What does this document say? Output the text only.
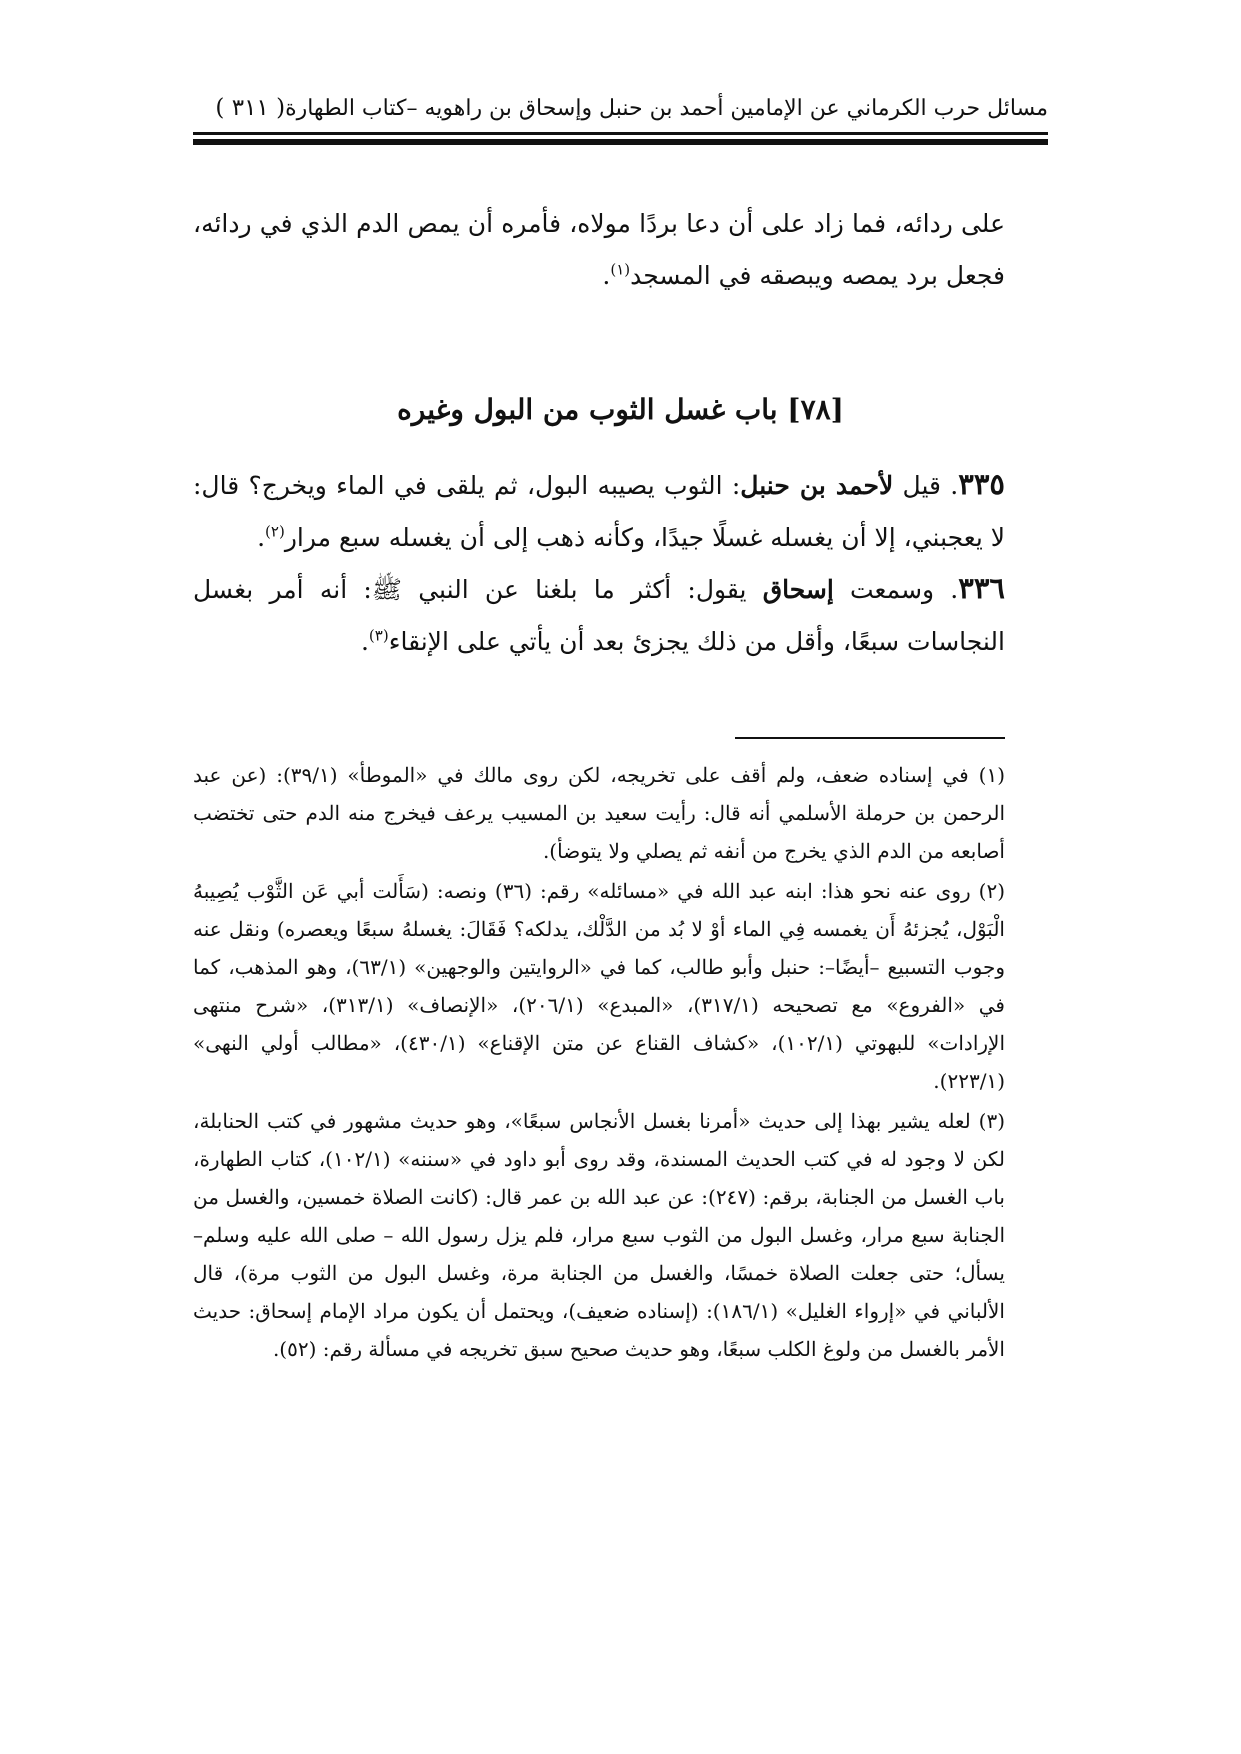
مسائل حرب الكرماني عن الإمامين أحمد بن حنبل وإسحاق بن راهويه –كتاب الطهارة
( ٣١١ )

على ردائه، فما زاد على أن دعا بردًا مولاه، فأمره أن يمص الدم الذي في ردائه، فجعل برد يمصه ويبصقه في المسجد$^{(١)}$.

[٧٨] باب غسل الثوب من البول وغيره

٣٣٥. قيل لأحمد بن حنبل: الثوب يصيبه البول، ثم يلقى في الماء ويخرج؟ قال: لا يعجبني، إلا أن يغسله غسلًا جيدًا، وكأنه ذهب إلى أن يغسله سبع مرار$^{(٢)}$.

٣٣٦. وسمعت إسحاق يقول: أكثر ما بلغنا عن النبي ﷺ: أنه أمر بغسل النجاسات سبعًا، وأقل من ذلك يجزئ بعد أن يأتي على الإنقاء$^{(٣)}$.

(١) في إسناده ضعف، ولم أقف على تخريجه، لكن روى مالك في «الموطأ» (٣٩/١): (عن عبد الرحمن بن حرملة الأسلمي أنه قال: رأيت سعيد بن المسيب يرعف فيخرج منه الدم حتى تختضب أصابعه من الدم الذي يخرج من أنفه ثم يصلي ولا يتوضأ).

(٢) روى عنه نحو هذا: ابنه عبد الله في «مسائله» رقم: (٣٦) ونصه: (سَأَلت أبي عَن الثَّوْب يُصِيبهُ الْبَوْل، يُجزئهُ أَن يغمسه فِي الماء أوْ لا بُد من الدَّلْك، يدلكه؟ فَقَالَ: يغسلهُ سبعًا ويعصره) ونقل عنه وجوب التسبيع –أيضًا–: حنبل وأبو طالب، كما في «الروايتين والوجهين» (٦٣/١)، وهو المذهب، كما في «الفروع» مع تصحيحه (٣١٧/١)، «المبدع» (٢٠٦/١)، «الإنصاف» (٣١٣/١)، «شرح منتهى الإرادات» للبهوتي (١٠٢/١)، «كشاف القناع عن متن الإقناع» (٤٣٠/١)، «مطالب أولي النهى» (٢٢٣/١).

(٣) لعله يشير بهذا إلى حديث «أمرنا بغسل الأنجاس سبعًا»، وهو حديث مشهور في كتب الحنابلة، لكن لا وجود له في كتب الحديث المسندة، وقد روى أبو داود في «سننه» (١٠٢/١)، كتاب الطهارة، باب الغسل من الجنابة، برقم: (٢٤٧): عن عبد الله بن عمر قال: (كانت الصلاة خمسين، والغسل من الجنابة سبع مرار، وغسل البول من الثوب سبع مرار، فلم يزل رسول الله – صلى الله عليه وسلم– يسأل؛ حتى جعلت الصلاة خمسًا، والغسل من الجنابة مرة، وغسل البول من الثوب مرة)، قال الألباني في «إرواء الغليل» (١٨٦/١): (إسناده ضعيف)، ويحتمل أن يكون مراد الإمام إسحاق: حديث الأمر بالغسل من ولوغ الكلب سبعًا، وهو حديث صحيح سبق تخريجه في مسألة رقم: (٥٢).
